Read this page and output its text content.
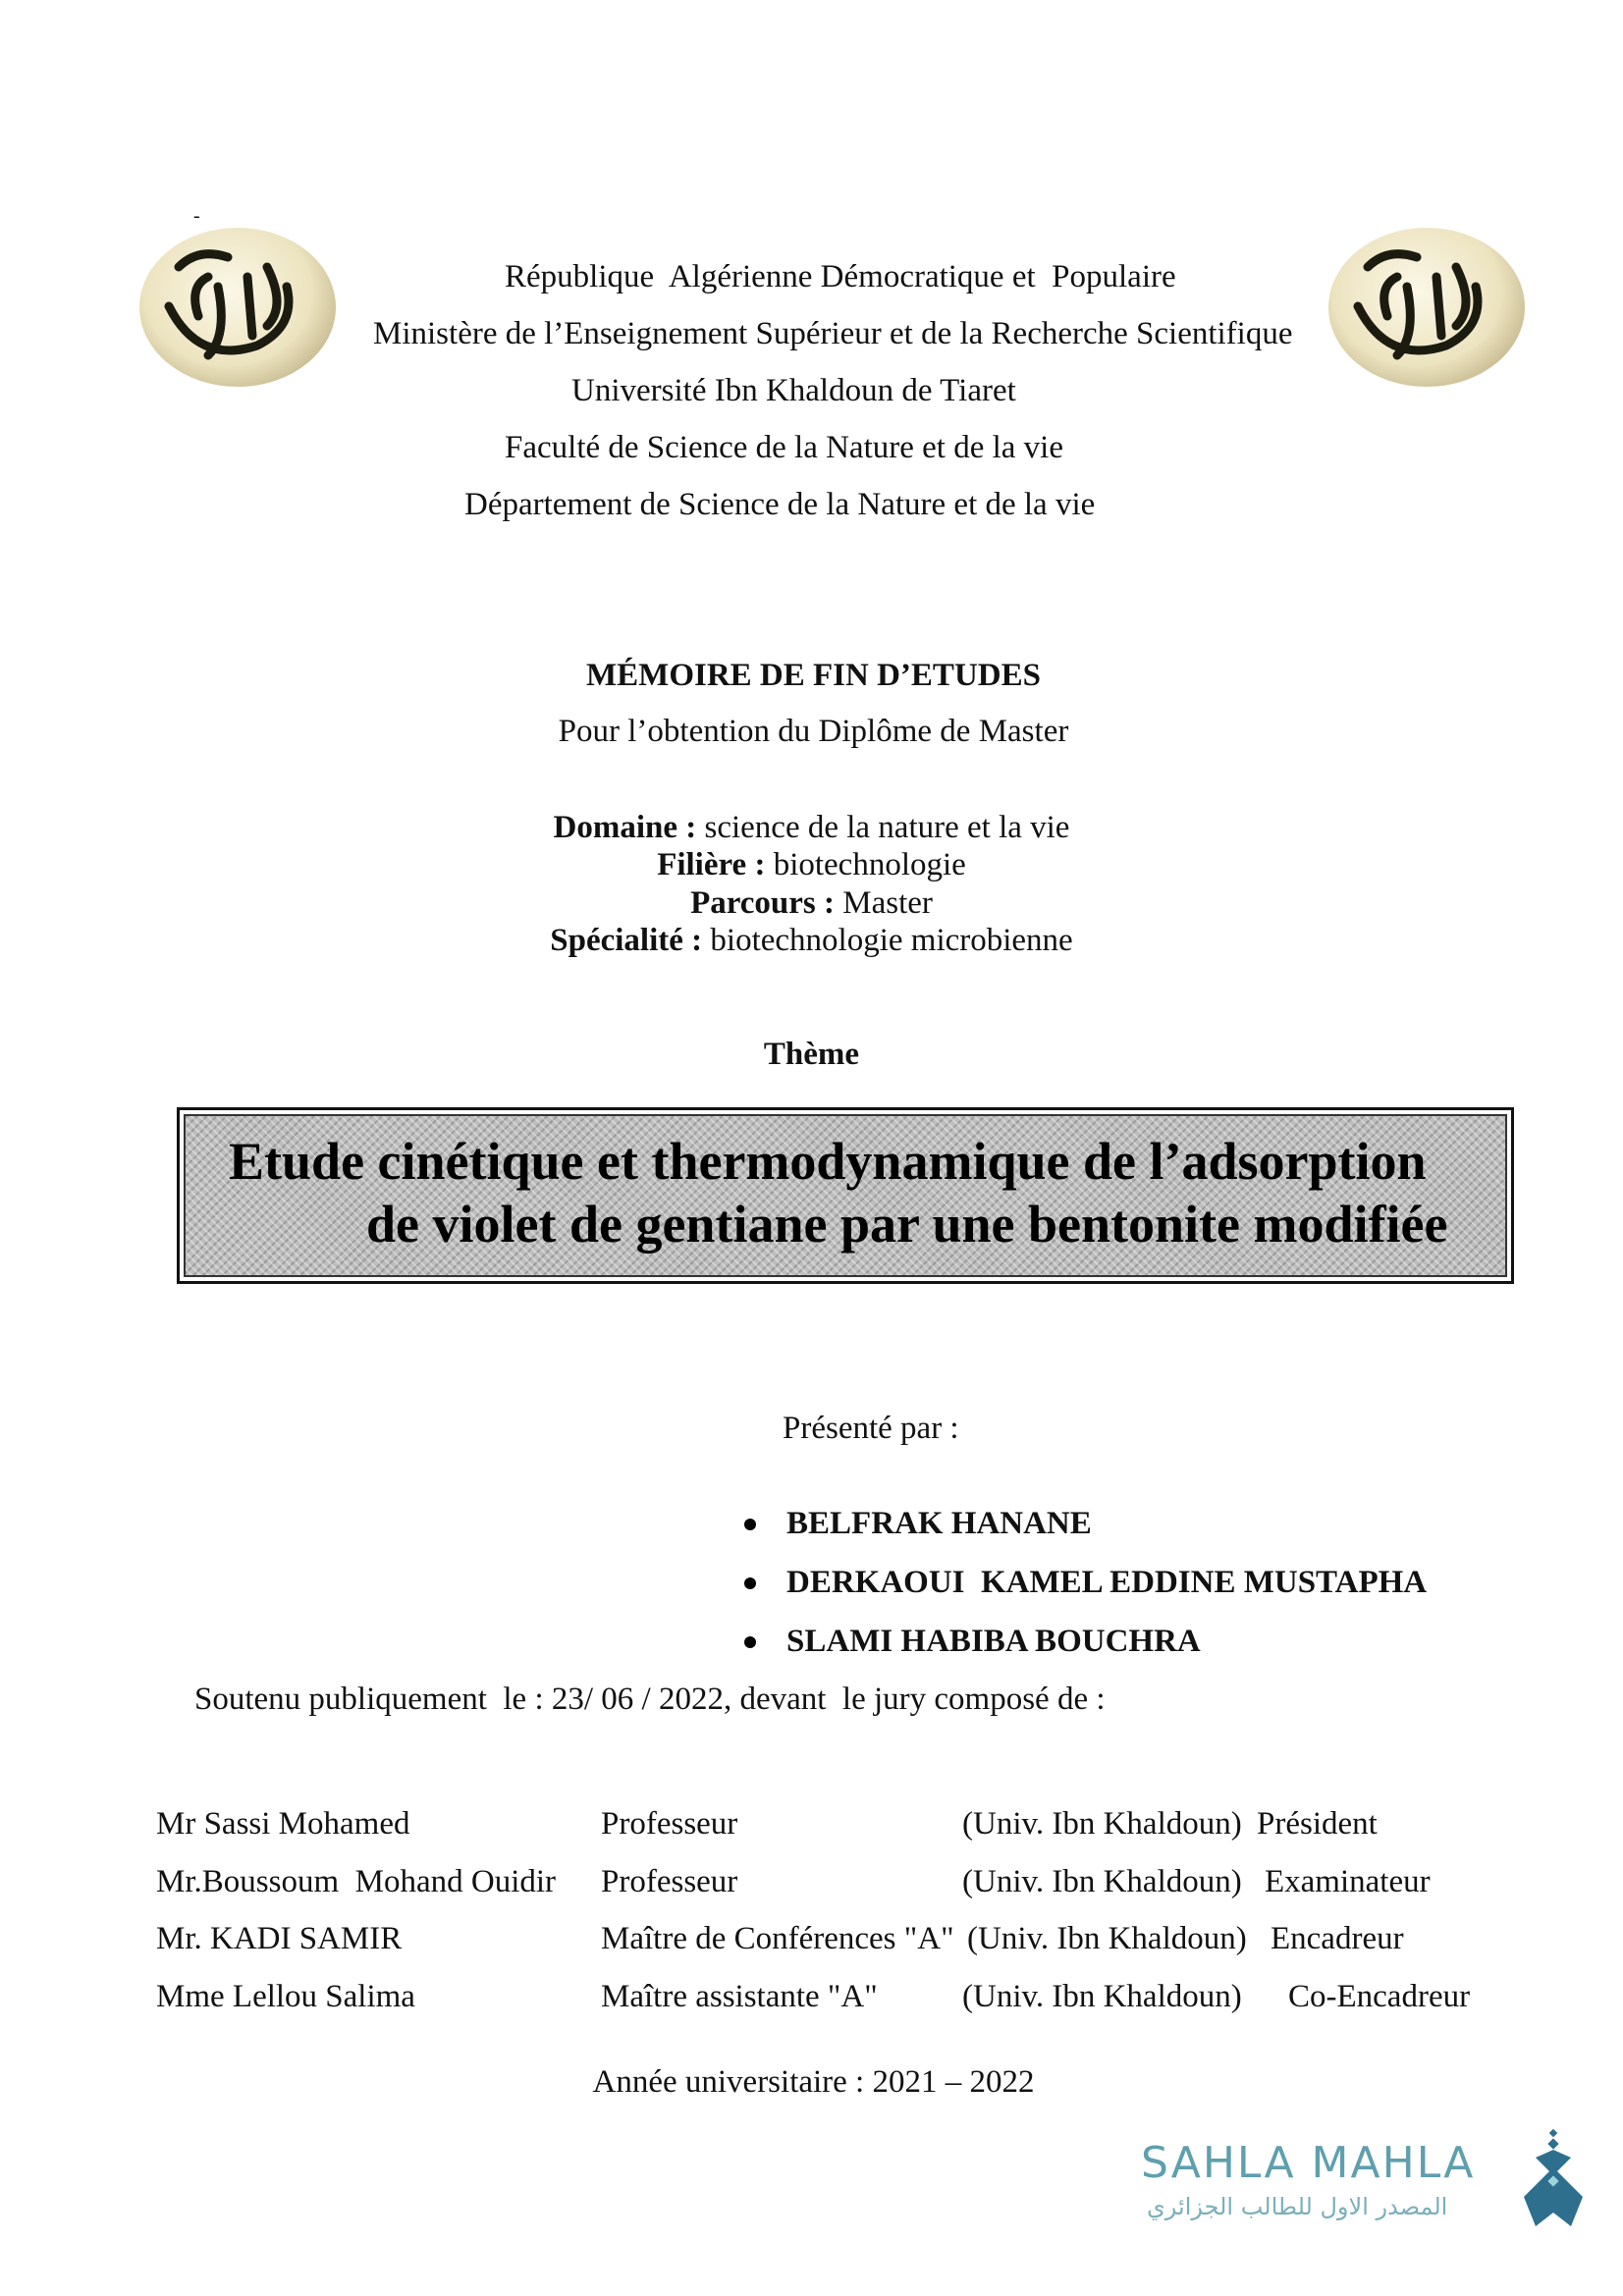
-
République  Algérienne Démocratique et  Populaire
Ministère de l’Enseignement Supérieur et de la Recherche Scientifique
Université Ibn Khaldoun de Tiaret
Faculté de Science de la Nature et de la vie
Département de Science de la Nature et de la vie
MÉMOIRE DE FIN D’ETUDES
Pour l’obtention du Diplôme de Master
Domaine : science de la nature et la vie
Filière : biotechnologie
Parcours : Master
Spécialité : biotechnologie microbienne
Thème
Etude cinétique et thermodynamique de l’adsorption
de violet de gentiane par une bentonite modifiée
Présenté par :
BELFRAK HANANE
DERKAOUI  KAMEL EDDINE MUSTAPHA
SLAMI HABIBA BOUCHRA
Soutenu publiquement  le : 23/ 06 / 2022, devant  le jury composé de :
Mr Sassi Mohamed	Professeur	(Univ. Ibn Khaldoun) Président
Mr.Boussoum  Mohand Ouidir Professeur	(Univ. Ibn Khaldoun) Examinateur
Mr. KADI SAMIR	Maître de Conférences "A" (Univ. Ibn Khaldoun) Encadreur
Mme Lellou Salima	Maître assistante "A"	(Univ. Ibn Khaldoun) Co-Encadreur
Année universitaire : 2021 – 2022
SAHLA MAHLA
المصدر الاول للطالب الجزائري
